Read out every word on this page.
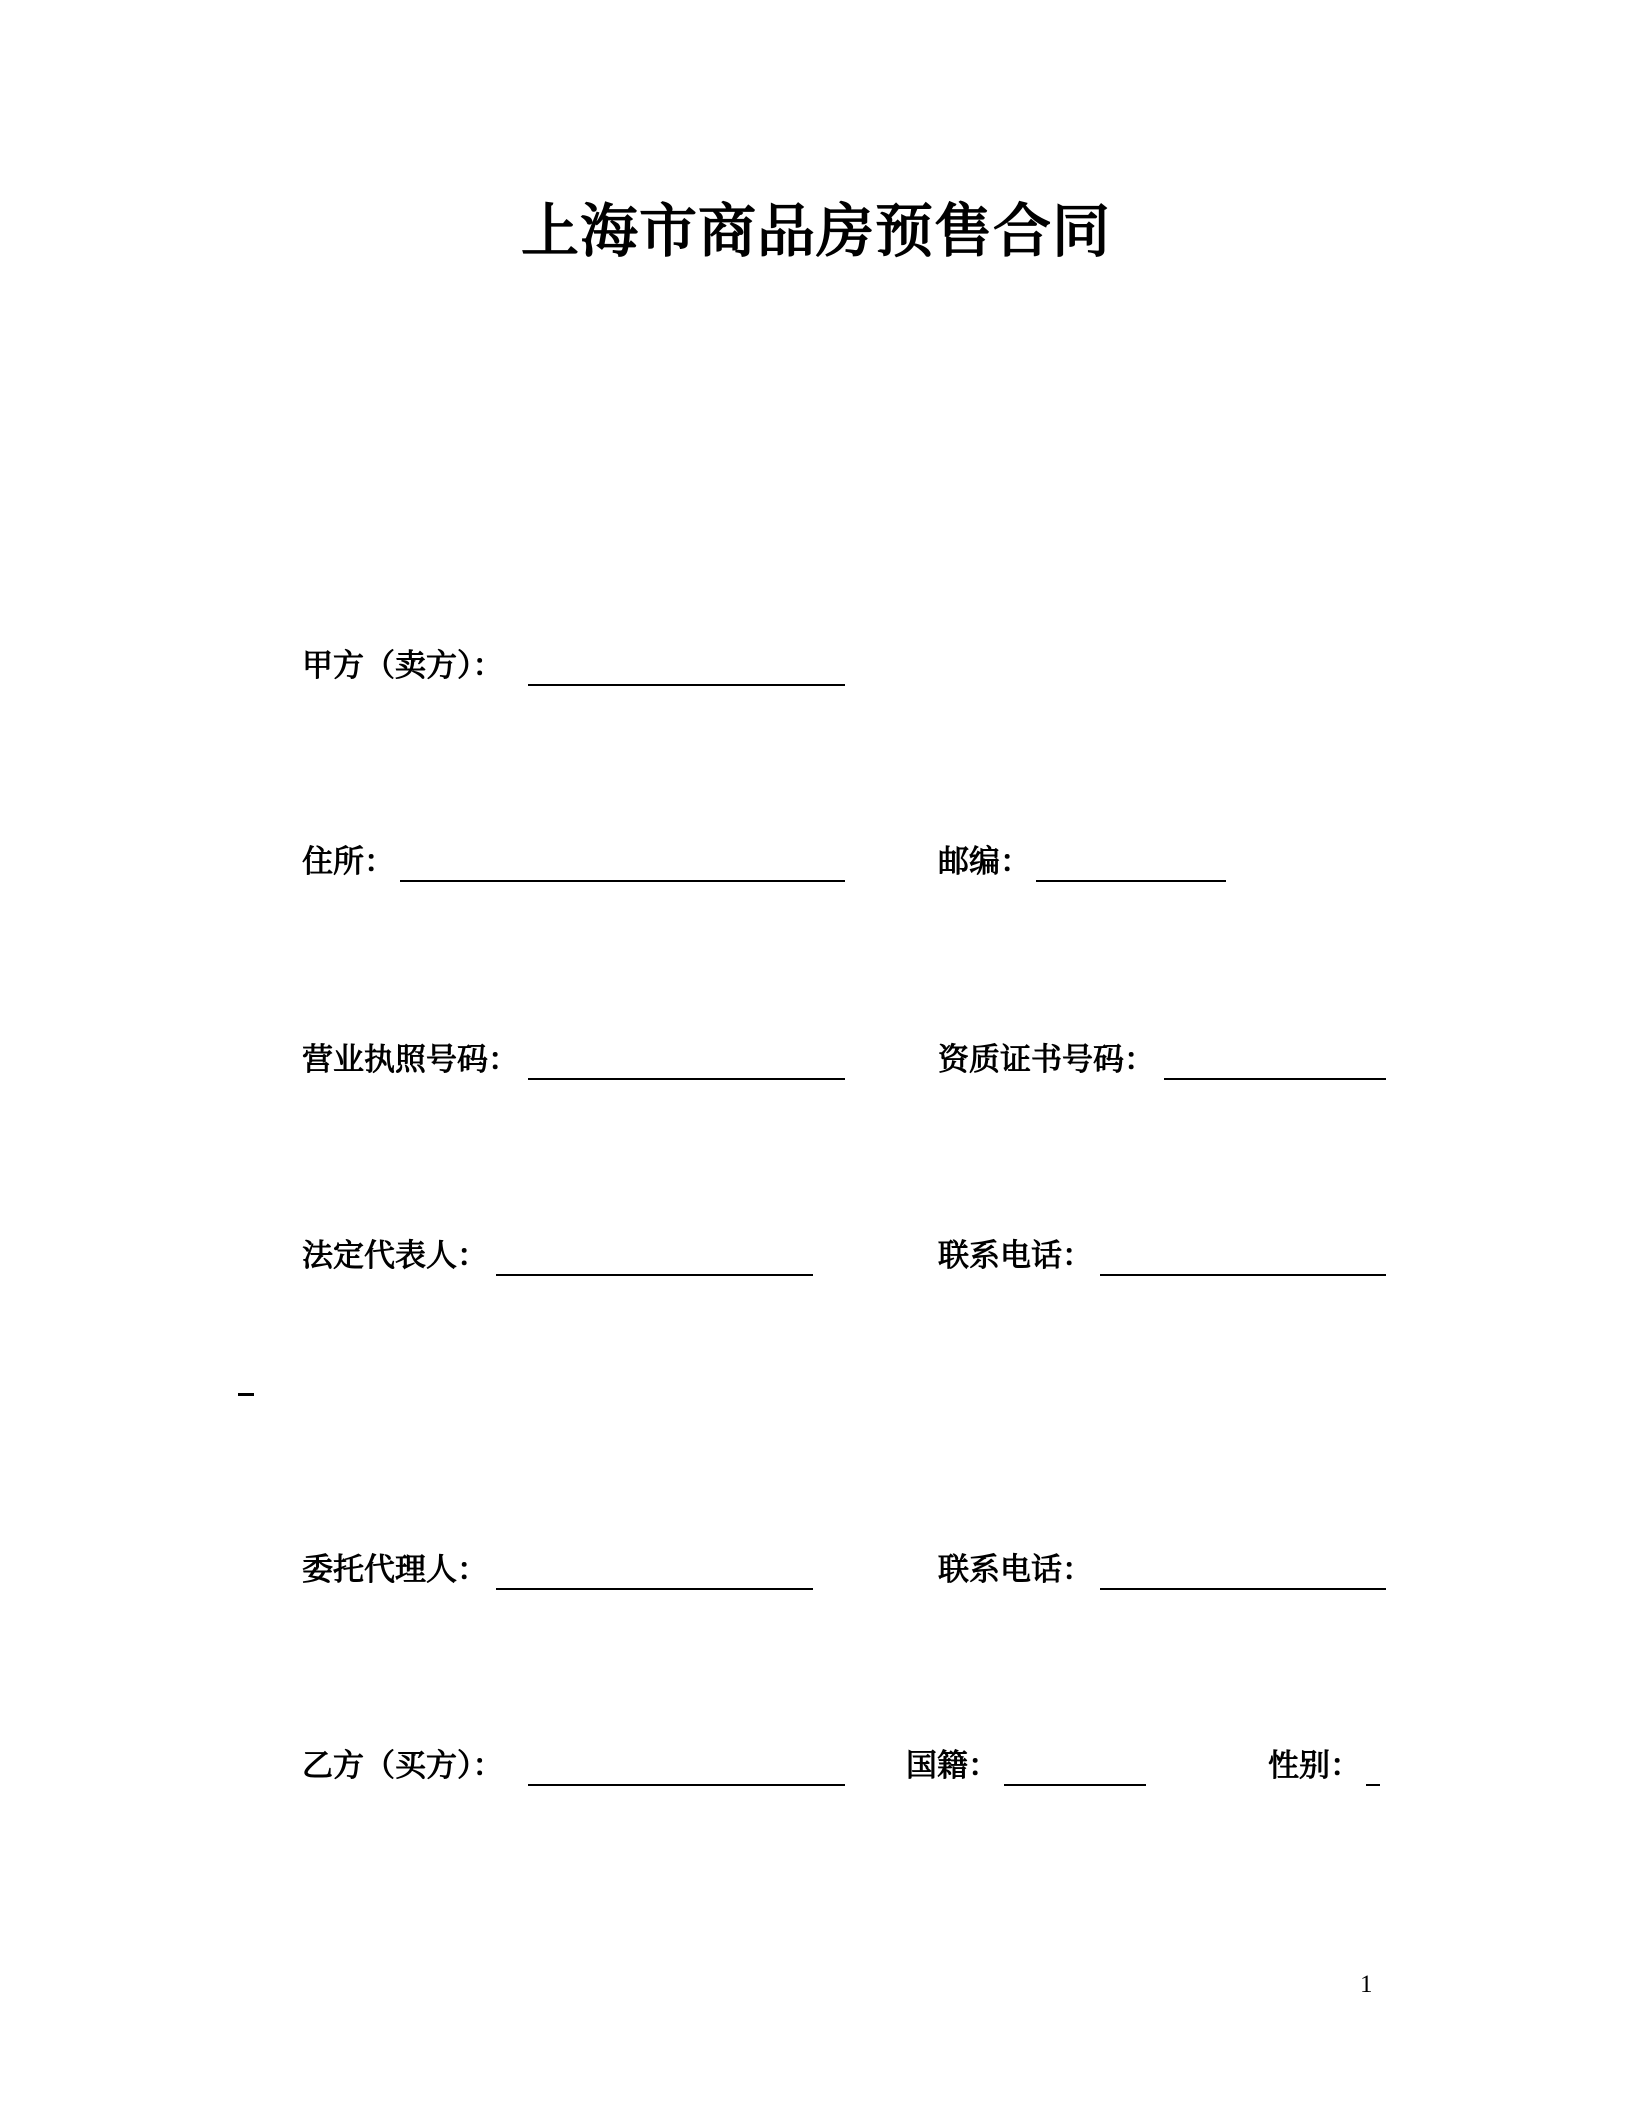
上海市商品房预售合同
甲方（卖方）：
住所：	邮编：
营业执照号码：	资质证书号码：
法定代表人：	联系电话：
委托代理人：	联系电话：
乙方（买方）：	国籍：	性别：
1
